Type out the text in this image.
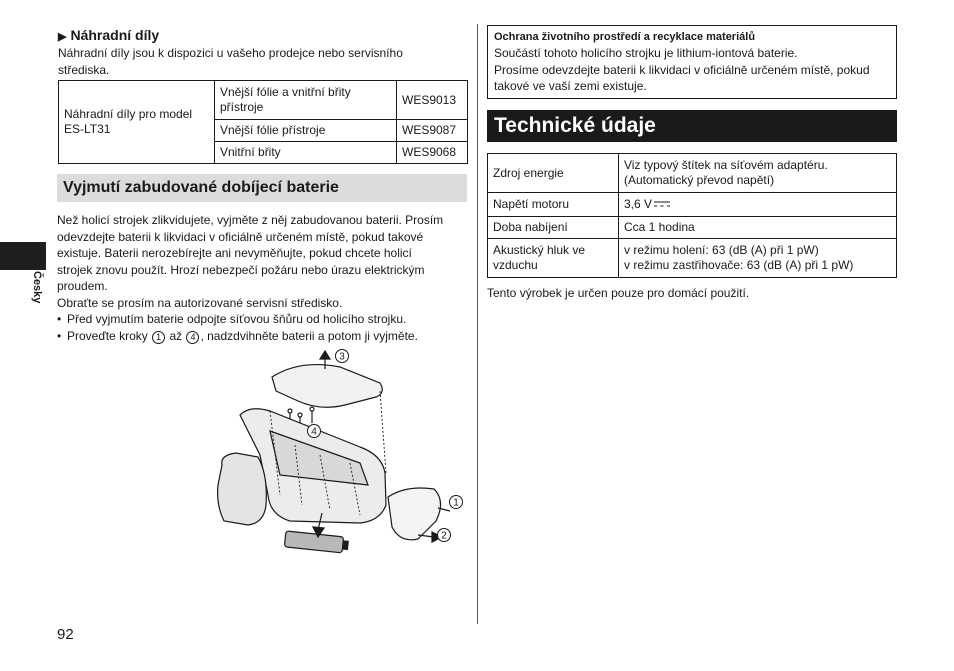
▶ Náhradní díly
Náhradní díly jsou k dispozici u vašeho prodejce nebo servisního střediska.
Náhradní díly pro model ES-LT31	Vnější fólie a vnitřní břity přístroje	WES9013
	Vnější fólie přístroje	WES9087
	Vnitřní břity	WES9068
Vyjmutí zabudované dobíjecí baterie

Než holicí strojek zlikvidujete, vyjměte z něj zabudovanou baterii. Prosím odevzdejte baterii k likvidaci v oficiálně určeném místě, pokud takové existuje. Baterii nerozebírejte ani nevyměňujte, pokud chcete holicí strojek znovu použít. Hrozí nebezpečí požáru nebo úrazu elektrickým proudem.

Obraťte se prosím na autorizované servisní středisko.

• Před vyjmutím baterie odpojte síťovou šňůru od holicího strojku.
• Proveďte kroky 1 až 4 , nadzdvihněte baterii a potom ji vyjměte.
3
4
1
2
Česky
92
Ochrana životního prostředí a recyklace materiálů
Součástí tohoto holicího strojku je lithium-iontová baterie.
Prosíme odevzdejte baterii k likvidaci v oficiálně určeném místě, pokud takové ve vaší zemi existuje.
Technické údaje
Zdroj energie	Viz typový štítek na síťovém adaptéru.
(Automatický převod napětí)

Napětí motoru	3,6 V
Doba nabíjení	Cca 1 hodina
Akustický hluk ve vzduchu	v režimu holení: 63 (dB (A) při 1 pW)
v režimu zastřihovače: 63 (dB (A) při 1 pW)
Tento výrobek je určen pouze pro domácí použití.
